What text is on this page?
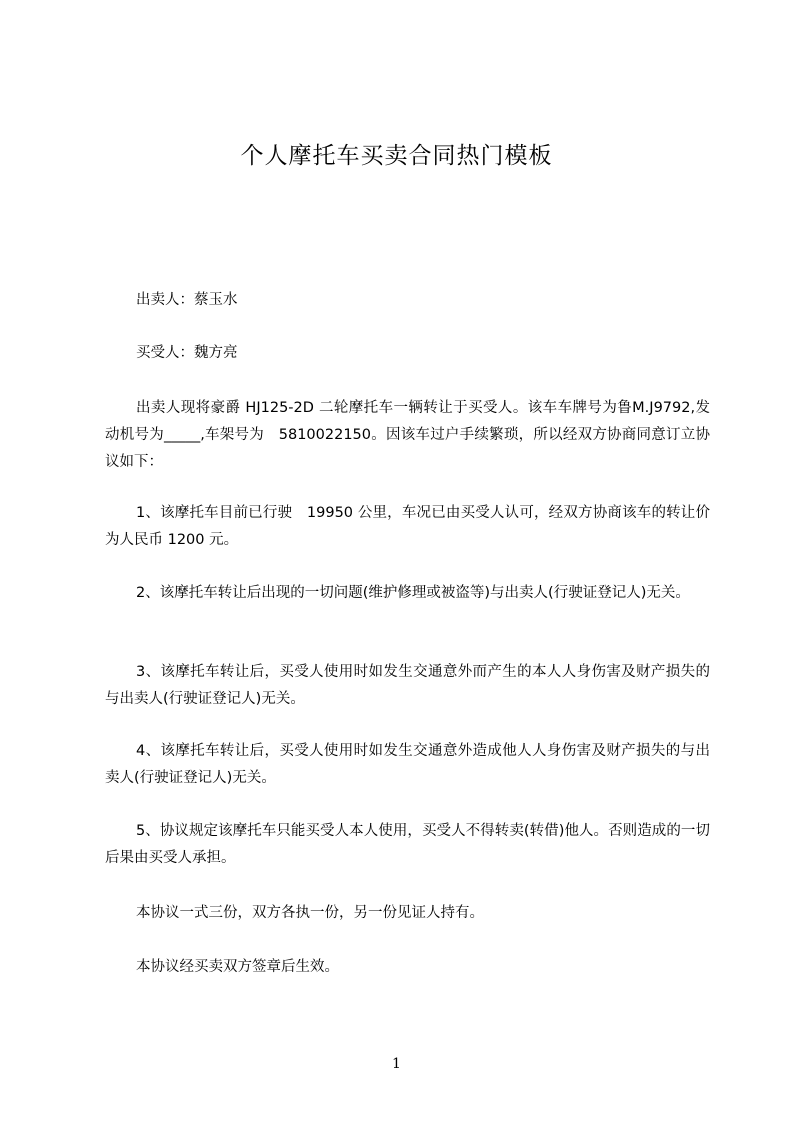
个人摩托车买卖合同热门模板

出卖人：蔡玉水

买受人：魏方亮

出卖人现将豪爵 HJ125-2D 二轮摩托车一辆转让于买受人。该车车牌号为鲁M.J9792,发动机号为_____,车架号为　5810022150。因该车过户手续繁琐，所以经双方协商同意订立协议如下：

1、该摩托车目前已行驶　19950 公里，车况已由买受人认可，经双方协商该车的转让价为人民币 1200 元。

2、该摩托车转让后出现的一切问题(维护修理或被盗等)与出卖人(行驶证登记人)无关。

3、该摩托车转让后，买受人使用时如发生交通意外而产生的本人人身伤害及财产损失的与出卖人(行驶证登记人)无关。

4、该摩托车转让后，买受人使用时如发生交通意外造成他人人身伤害及财产损失的与出卖人(行驶证登记人)无关。

5、协议规定该摩托车只能买受人本人使用，买受人不得转卖(转借)他人。否则造成的一切后果由买受人承担。

本协议一式三份，双方各执一份，另一份见证人持有。

本协议经买卖双方签章后生效。

1
